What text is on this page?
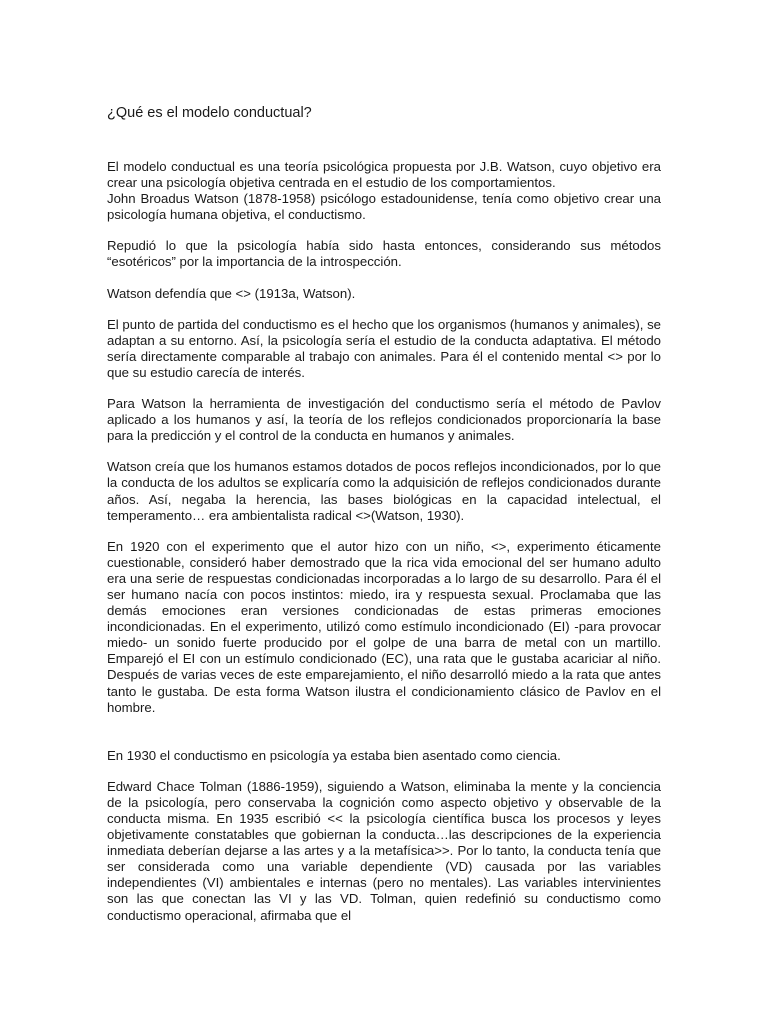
¿Qué es el modelo conductual?

El modelo conductual es una teoría psicológica propuesta por J.B. Watson, cuyo objetivo era crear una psicología objetiva centrada en el estudio de los comportamientos.

John Broadus Watson (1878-1958) psicólogo estadounidense, tenía como objetivo crear una psicología humana objetiva, el conductismo.

Repudió lo que la psicología había sido hasta entonces, considerando sus métodos “esotéricos” por la importancia de la introspección.

Watson defendía que <> (1913a, Watson).

El punto de partida del conductismo es el hecho que los organismos (humanos y animales), se adaptan a su entorno. Así, la psicología sería el estudio de la conducta adaptativa. El método sería directamente comparable al trabajo con animales. Para él el contenido mental <> por lo que su estudio carecía de interés.

Para Watson la herramienta de investigación del conductismo sería el método de Pavlov aplicado a los humanos y así, la teoría de los reflejos condicionados proporcionaría la base para la predicción y el control de la conducta en humanos y animales.

Watson creía que los humanos estamos dotados de pocos reflejos incondicionados, por lo que la conducta de los adultos se explicaría como la adquisición de reflejos condicionados durante años. Así, negaba la herencia, las bases biológicas en la capacidad intelectual, el temperamento… era ambientalista radical <>(Watson, 1930).

En 1920 con el experimento que el autor hizo con un niño, <>, experimento éticamente cuestionable, consideró haber demostrado que la rica vida emocional del ser humano adulto era una serie de respuestas condicionadas incorporadas a lo largo de su desarrollo. Para él el ser humano nacía con pocos instintos: miedo, ira y respuesta sexual. Proclamaba que las demás emociones eran versiones condicionadas de estas primeras emociones incondicionadas. En el experimento, utilizó como estímulo incondicionado (EI) -para provocar miedo- un sonido fuerte producido por el golpe de una barra de metal con un martillo. Emparejó el EI con un estímulo condicionado (EC), una rata que le gustaba acariciar al niño. Después de varias veces de este emparejamiento, el niño desarrolló miedo a la rata que antes tanto le gustaba. De esta forma Watson ilustra el condicionamiento clásico de Pavlov en el hombre.

En 1930 el conductismo en psicología ya estaba bien asentado como ciencia.

Edward Chace Tolman (1886-1959), siguiendo a Watson, eliminaba la mente y la conciencia de la psicología, pero conservaba la cognición como aspecto objetivo y observable de la conducta misma. En 1935 escribió << la psicología científica busca los procesos y leyes objetivamente constatables que gobiernan la conducta…las descripciones de la experiencia inmediata deberían dejarse a las artes y a la metafísica>>. Por lo tanto, la conducta tenía que ser considerada como una variable dependiente (VD) causada por las variables independientes (VI) ambientales e internas (pero no mentales). Las variables intervinientes son las que conectan las VI y las VD. Tolman, quien redefinió su conductismo como conductismo operacional, afirmaba que el
